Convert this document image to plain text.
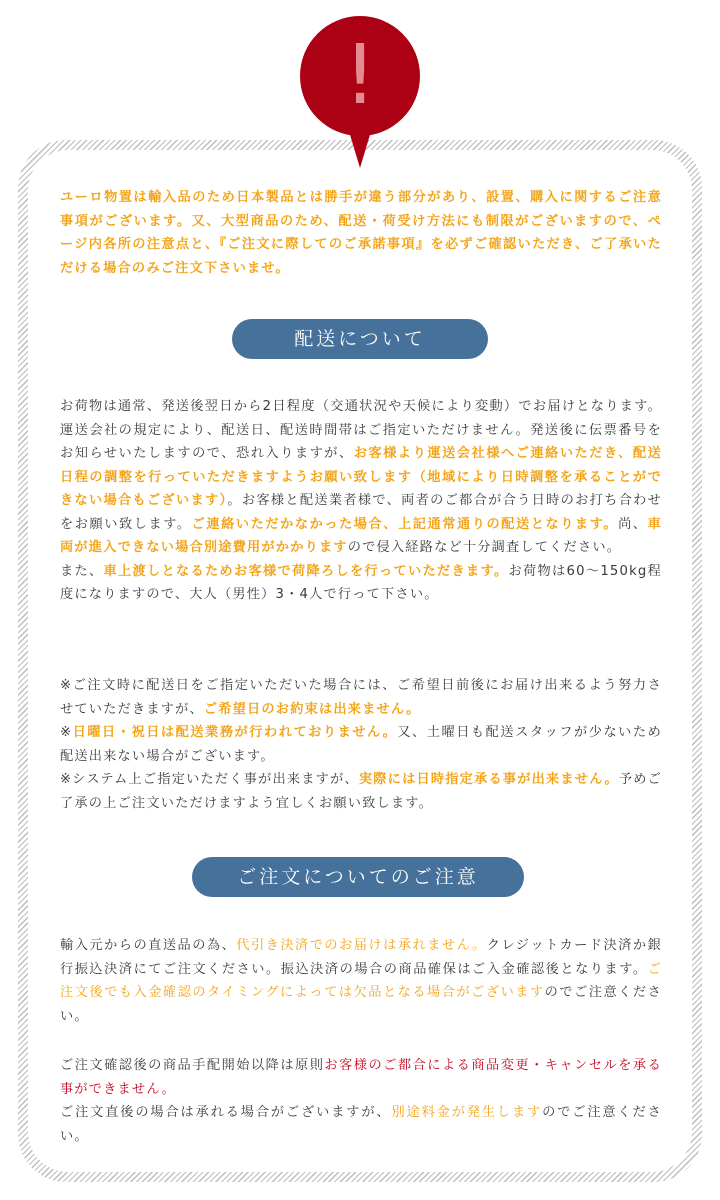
!

ユーロ物置は輸入品のため日本製品とは勝手が違う部分があり、設置、購入に関するご注意事項がございます。又、大型商品のため、配送・荷受け方法にも制限がございますので、ページ内各所の注意点と、『ご注文に際してのご承諾事項』を必ずご確認いただき、ご了承いただける場合のみご注文下さいませ。

配送について

お荷物は通常、発送後翌日から2日程度（交通状況や天候により変動）でお届けとなります。運送会社の規定により、配送日、配送時間帯はご指定いただけません。発送後に伝票番号をお知らせいたしますので、恐れ入りますが、お客様より運送会社様へご連絡いただき、配送日程の調整を行っていただきますようお願い致します（地域により日時調整を承ることができない場合もございます）。お客様と配送業者様で、両者のご都合が合う日時のお打ち合わせをお願い致します。ご連絡いただかなかった場合、上記通常通りの配送となります。尚、車両が進入できない場合別途費用がかかりますので侵入経路など十分調査してください。

また、車上渡しとなるためお客様で荷降ろしを行っていただきます。お荷物は60〜150kg程度になりますので、大人（男性）3・4人で行って下さい。

※ご注文時に配送日をご指定いただいた場合には、ご希望日前後にお届け出来るよう努力させていただきますが、ご希望日のお約束は出来ません。

※日曜日・祝日は配送業務が行われておりません。又、土曜日も配送スタッフが少ないため配送出来ない場合がございます。

※システム上ご指定いただく事が出来ますが、実際には日時指定承る事が出来ません。予めご了承の上ご注文いただけますよう宜しくお願い致します。

ご注文についてのご注意

輸入元からの直送品の為、代引き決済でのお届けは承れません。クレジットカード決済か銀行振込決済にてご注文ください。振込決済の場合の商品確保はご入金確認後となります。ご注文後でも入金確認のタイミングによっては欠品となる場合がございますのでご注意ください。

ご注文確認後の商品手配開始以降は原則お客様のご都合による商品変更・キャンセルを承る事ができません。

ご注文直後の場合は承れる場合がございますが、別途料金が発生しますのでご注意ください。
